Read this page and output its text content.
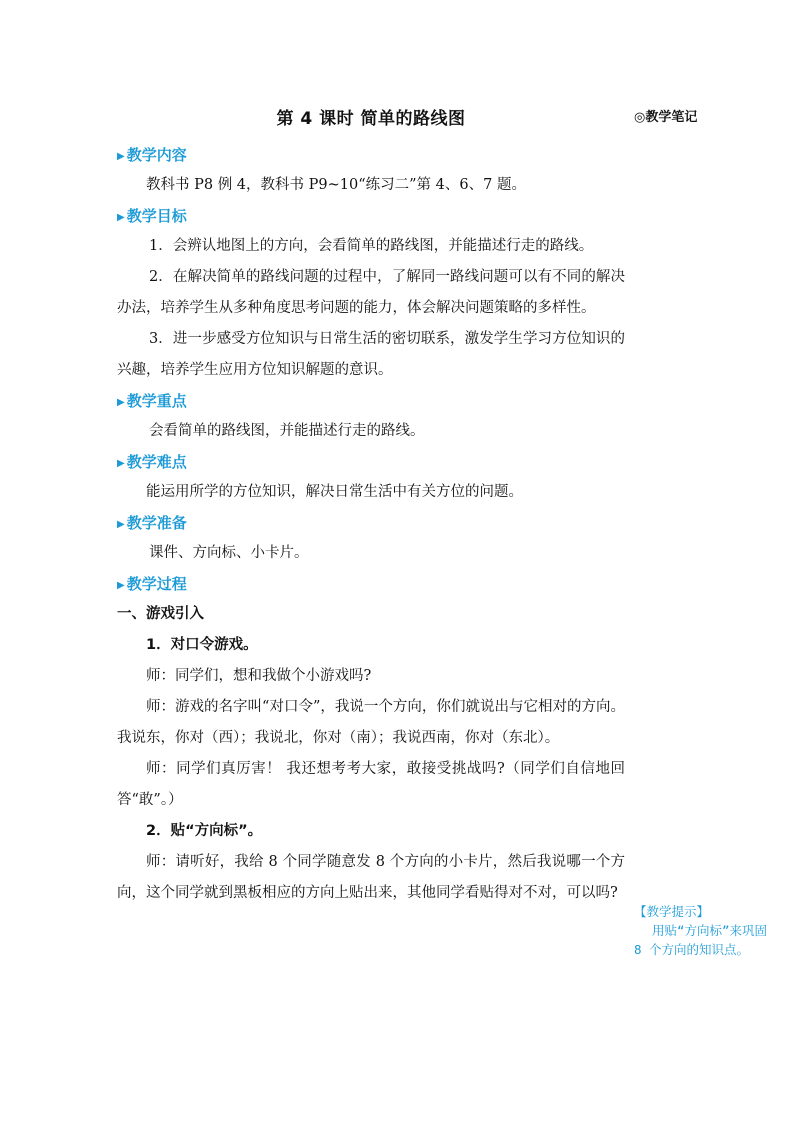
第 4 课时 简单的路线图	◎教学笔记
▶ 教学内容

教科书 P8 例 4，教科书 P9~10“练习二”第 4、6、7 题。

▶ 教学目标

1．会辨认地图上的方向，会看简单的路线图，并能描述行走的路线。

2．在解决简单的路线问题的过程中，了解同一路线问题可以有不同的解决办法，培养学生从多种角度思考问题的能力，体会解决问题策略的多样性。

3．进一步感受方位知识与日常生活的密切联系，激发学生学习方位知识的兴趣，培养学生应用方位知识解题的意识。

▶ 教学重点

会看简单的路线图，并能描述行走的路线。

▶ 教学难点

能运用所学的方位知识，解决日常生活中有关方位的问题。

▶ 教学准备

课件、方向标、小卡片。

▶ 教学过程
一、游戏引入
1．对口令游戏。

师：同学们，想和我做个小游戏吗?

师：游戏的名字叫“对口令”，我说一个方向，你们就说出与它相对的方向。 我说东，你对（西）；我说北，你对（南）；我说西南，你对（东北）。

师：同学们真厉害！ 我还想考考大家，敢接受挑战吗?（同学们自信地回答“敢”。）

2．贴“方向标”。

师：请听好，我给 8 个同学随意发 8 个方向的小卡片，然后我说哪一个方向，这个同学就到黑板相应的方向上贴出来，其他同学看贴得对不对，可以吗?

【教学提示】
用贴“方向标”来巩固 8 个方向的知识点。
